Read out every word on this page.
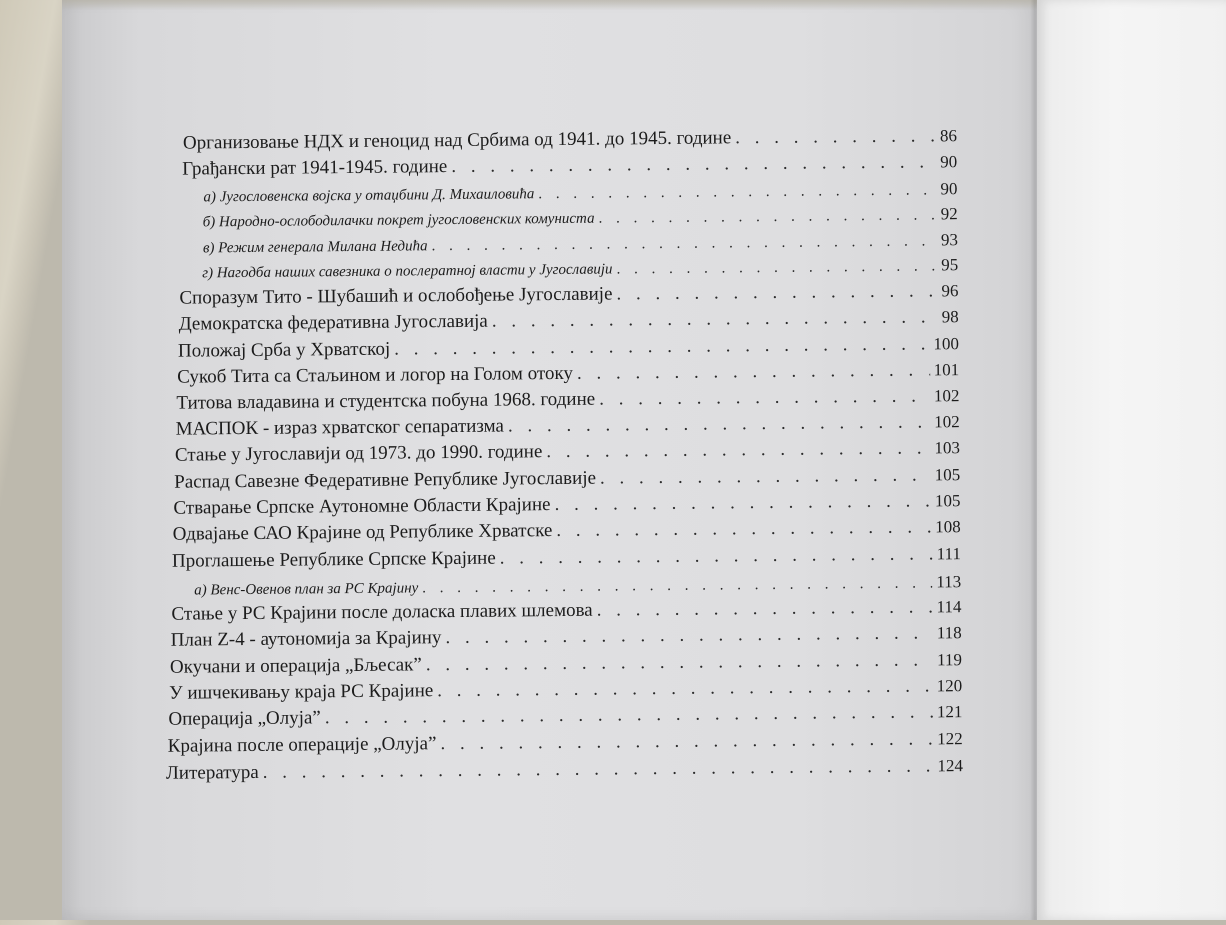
Организовање НДХ и геноцид над Србима од 1941. до 1945. године . . .	86
Грађански рат 1941-1945. године . . .	90
а) Југословенска војска у отаџбини Д. Михаиловића . . .	90
б) Народно-ослободилачки покрет југословенских комуниста . . .	92
в) Режим генерала Милана Недића . . .	93
г) Нагодба наших савезника о послератној власти у Југославији . . .	95
Споразум Тито - Шубашић и ослобођење Југославије . . .	96
Демократска федеративна Југославија . . .	98
Положај Срба у Хрватској . . .	100
Сукоб Тита са Стаљином и логор на Голом отоку . . .	101
Титова владавина и студентска побуна 1968. године . . .	102
МАСПОК - израз хрватског сепаратизма . . .	102
Стање у Југославији од 1973. до 1990. године . . .	103
Распад Савезне Федеративне Републике Југославије . . .	105
Стварање Српске Аутономне Области Крајине . . .	105
Одвајање САО Крајине од Републике Хрватске . . .	108
Проглашење Републике Српске Крајине . . .	111
а) Венс-Овенов план за РС Крајину . . .	113
Стање у РС Крајини после доласка плавих шлемова . . .	114
План Z-4 - аутономија за Крајину . . .	118
Окучани и операција „Бљесак” . . .	119
У ишчекивању краја РС Крајине . . .	120
Операција „Олуја” . . .	121
Крајина после операције „Олуја” . . .	122
Литература . . .	124
